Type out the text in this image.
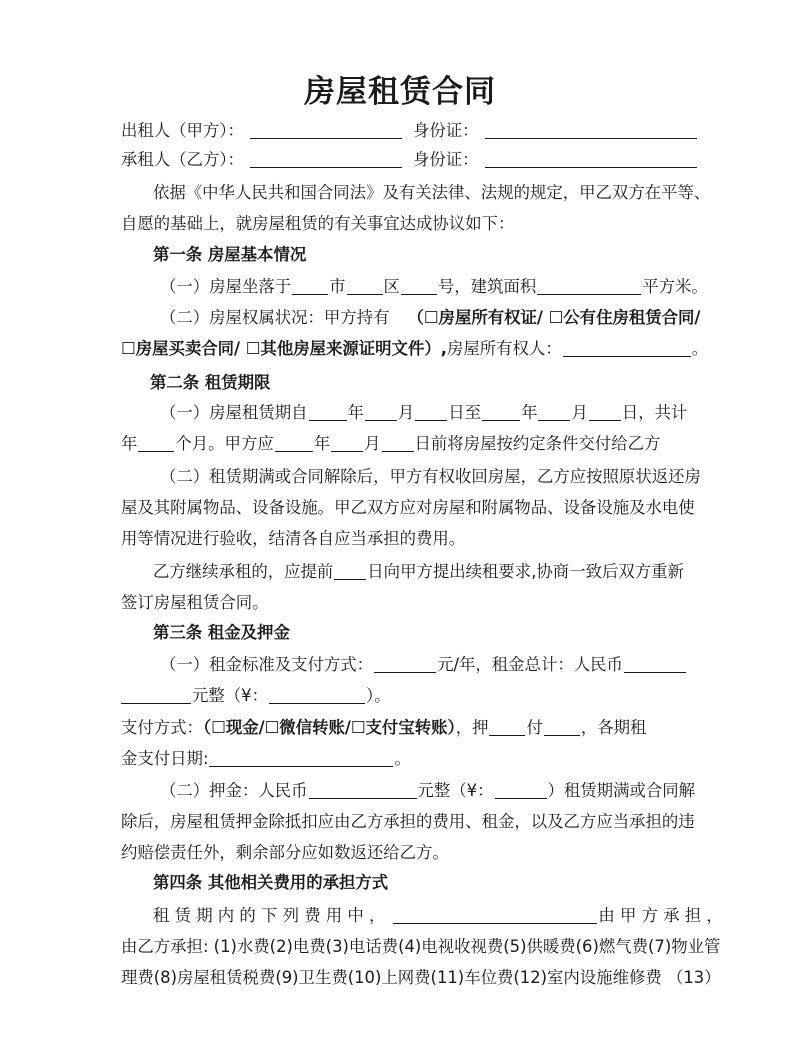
房屋租赁合同
出租人（甲方）：	身份证：
承租人（乙方）：	身份证：
依据《中华人民共和国合同法》及有关法律、法规的规定，甲乙双方在平等、
自愿的基础上，就房屋租赁的有关事宜达成协议如下：
第一条 房屋基本情况
（一）房屋坐落于 市 区 号，建筑面积	平方米。
（二）房屋权属状况：甲方持有 （☐房屋所有权证/ ☐公有住房租赁合同/
☐房屋买卖合同/ ☐其他房屋来源证明文件）,房屋所有权人：	。
第二条 租赁期限
（一）房屋租赁期自 年 月 日至 年 月 日，共计
年 个月。甲方应 年 月 日前将房屋按约定条件交付给乙方
（二）租赁期满或合同解除后，甲方有权收回房屋，乙方应按照原状返还房
屋及其附属物品、设备设施。甲乙双方应对房屋和附属物品、设备设施及水电使
用等情况进行验收，结清各自应当承担的费用。
乙方继续承租的，应提前 日向甲方提出续租要求,协商一致后双方重新
签订房屋租赁合同。
第三条 租金及押金
（一）租金标准及支付方式：	元/年，租金总计：人民币
元整（¥：	）。
支付方式：（☐现金/☐微信转账/☐支付宝转账），押 付 ，各期租
金支付日期:	。
（二）押金：人民币	元整（¥：	）租赁期满或合同解
除后，房屋租赁押金除抵扣应由乙方承担的费用、租金，以及乙方应当承担的违
约赔偿责任外，剩余部分应如数返还给乙方。
第四条 其他相关费用的承担方式
租 赁 期 内 的 下 列 费 用 中 ，	由 甲 方 承 担 ，
由乙方承担: (1)水费(2)电费(3)电话费(4)电视收视费(5)供暖费(6)燃气费(7)物业管
理费(8)房屋租赁税费(9)卫生费(10)上网费(11)车位费(12)室内设施维修费 （13）
